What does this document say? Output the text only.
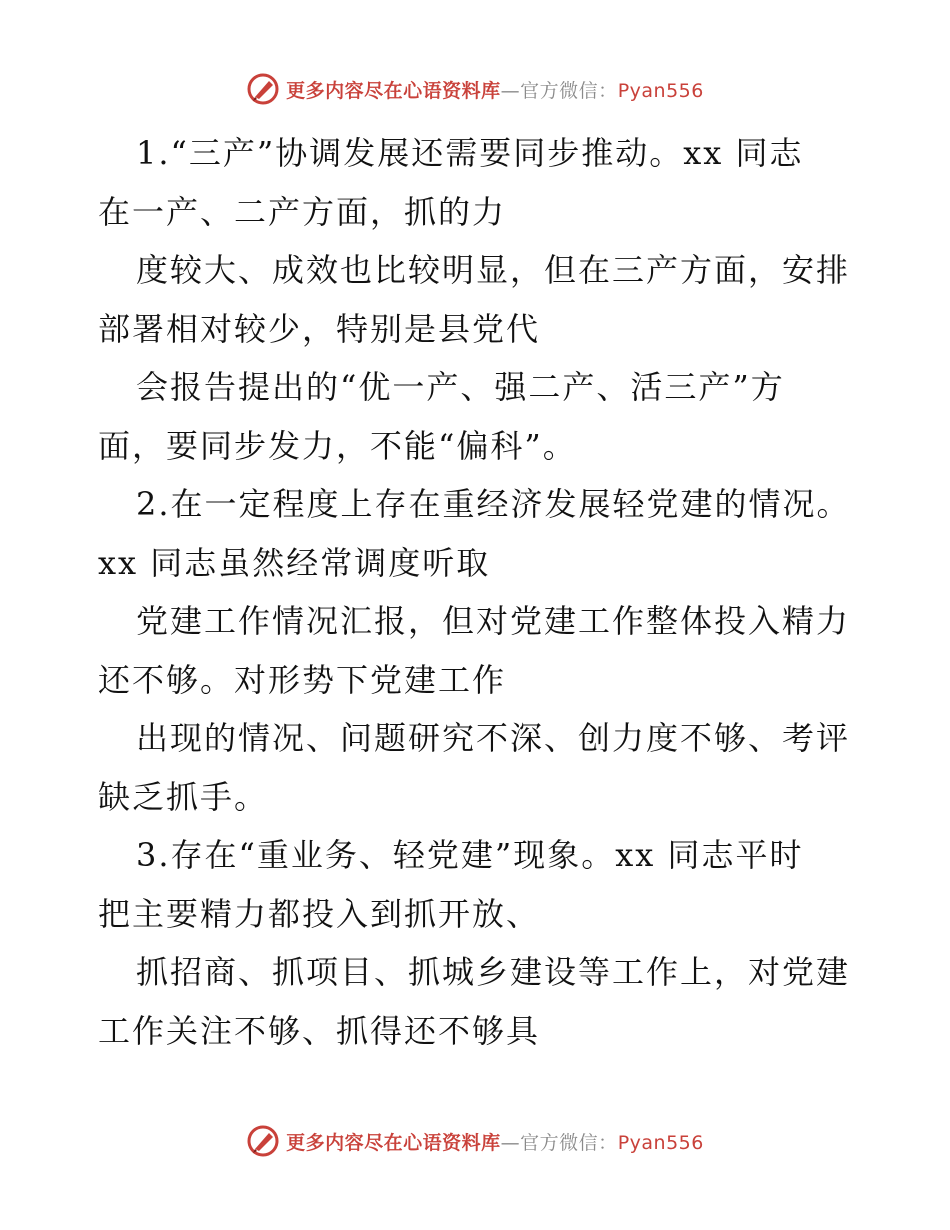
更多内容尽在心语资料库—官方微信：Pyan556
1.“三产”协调发展还需要同步推动。xx 同志
在一产、二产方面，抓的力
度较大、成效也比较明显，但在三产方面，安排
部署相对较少，特别是县党代
会报告提出的“优一产、强二产、活三产”方
面，要同步发力，不能“偏科”。
2.在一定程度上存在重经济发展轻党建的情况。
xx 同志虽然经常调度听取
党建工作情况汇报，但对党建工作整体投入精力
还不够。对形势下党建工作
出现的情况、问题研究不深、创力度不够、考评
缺乏抓手。
3.存在“重业务、轻党建”现象。xx 同志平时
把主要精力都投入到抓开放、
抓招商、抓项目、抓城乡建设等工作上，对党建
工作关注不够、抓得还不够具
更多内容尽在心语资料库—官方微信：Pyan556
